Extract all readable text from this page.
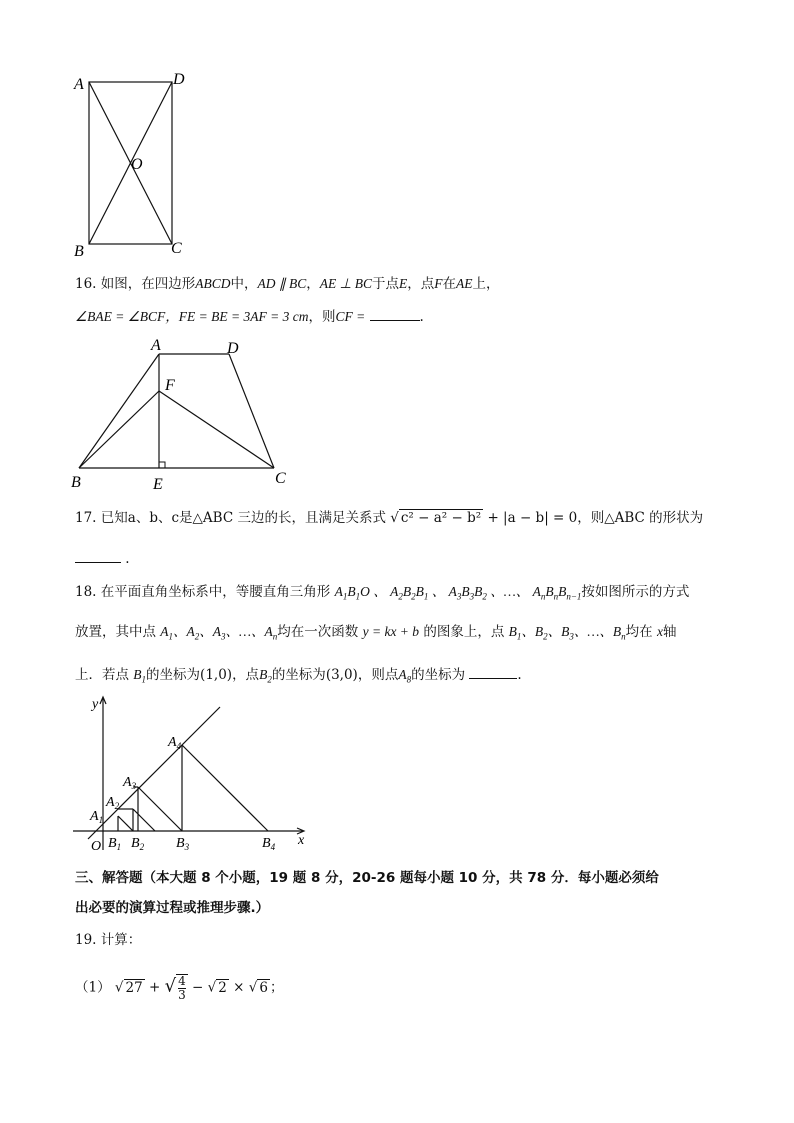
A	D
O
B	C
16. 如图，在四边形ABCD中，AD ∥ BC，AE ⊥ BC于点E，点F在AE上，
∠BAE = ∠BCF，FE = BE = 3AF = 3 cm，则CF =	.
A	D
F
B	E	C
17. 已知a、b、c是△ABC 三边的长，且满足关系式 √ c² − a² − b² + |a − b| = 0，则△ABC 的形状为
.
18. 在平面直角坐标系中，等腰直角三角形 $A_1B_1O$ 、 $A_2B_2B_1$ 、 $A_3B_3B_2$ 、…、 $A_nB_nB_{n-1}$按如图所示的方式
放置，其中点 $A_1$、$A_2$、$A_3$、…、$A_n$均在一次函数 y = kx + b 的图象上，点 $B_1$、$B_2$、$B_3$、…、$B_n$均在 x轴
上．若点 $B_1$的坐标为(1,0)，点$B_2$的坐标为(3,0)，则点$A_8$的坐标为	.
y
x
O
$A_1$
$A_2$
$A_3$
$A_4$
$B_1$ $B_2$ $B_3$	$B_4$
三、解答题（本大题 8 个小题，19 题 8 分，20-26 题每小题 10 分，共 78 分．每小题必须给
出必要的演算过程或推理步骤.）
19. 计算：
（1） √ 27 + √ $\frac{4}{3}$ − √ 2 × √ 6 ；
